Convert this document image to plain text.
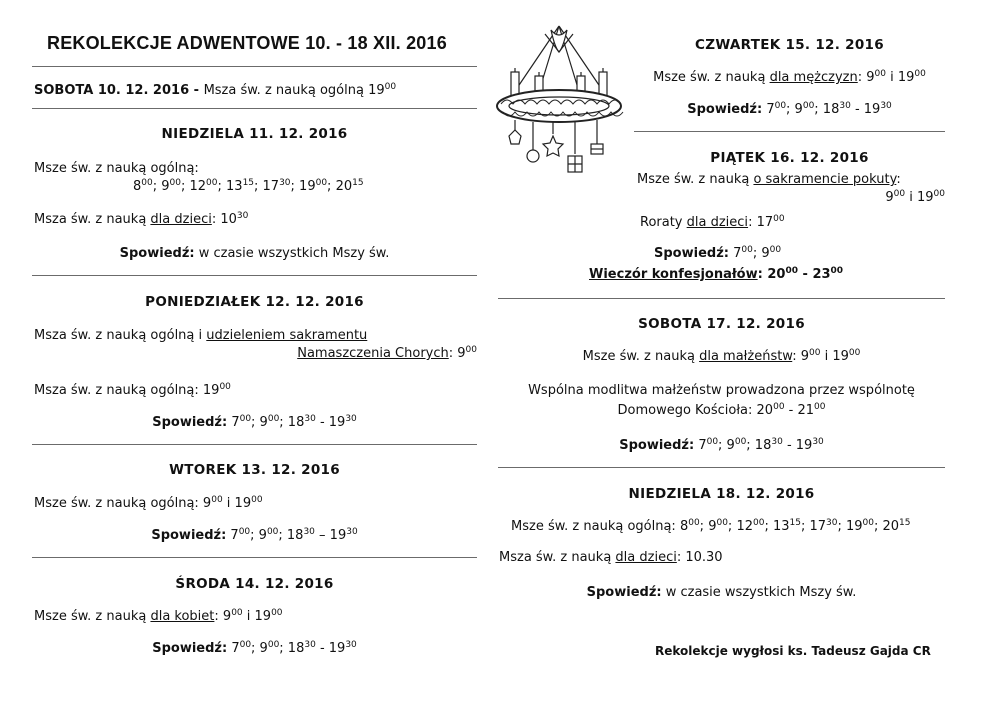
REKOLEKCJE ADWENTOWE 10. - 18 XII. 2016
SOBOTA 10. 12. 2016 - Msza św. z nauką ogólną $19^{00}$
NIEDZIELA 11. 12. 2016
Msze św. z nauką ogólną:
$8^{00}$; $9^{00}$; $12^{00}$; $13^{15}$; $17^{30}$; $19^{00}$; $20^{15}$
Msza św. z nauką dla dzieci: $10^{30}$
Spowiedź: w czasie wszystkich Mszy św.
PONIEDZIAŁEK 12. 12. 2016
Msza św. z nauką ogólną i udzieleniem sakramentu
Namaszczenia Chorych: $9^{00}$
Msza św. z nauką ogólną: $19^{00}$
Spowiedź: $7^{00}$; $9^{00}$; $18^{30} - 19^{30}$
WTOREK 13. 12. 2016
Msze św. z nauką ogólną: $9^{00}$ i $19^{00}$
Spowiedź: $7^{00}$; $9^{00}$; $18^{30} - 19^{30}$
ŚRODA 14. 12. 2016
Msze św. z nauką dla kobiet: $9^{00}$ i $19^{00}$
Spowiedź: $7^{00}$; $9^{00}$; $18^{30} - 19^{30}$
CZWARTEK 15. 12. 2016
Msze św. z nauką dla mężczyzn: $9^{00}$ i $19^{00}$
Spowiedź: $7^{00}$; $9^{00}$; $18^{30} - 19^{30}$
PIĄTEK 16. 12. 2016
Msze św. z nauką o sakramencie pokuty:
$9^{00}$ i $19^{00}$
Roraty dla dzieci: $17^{00}$
Spowiedź: $7^{00}$; $9^{00}$
Wieczór konfesjonałów: $20^{00} - 23^{00}$
SOBOTA 17. 12. 2016
Msze św. z nauką dla małżeństw: $9^{00}$ i $19^{00}$
Wspólna modlitwa małżeństw prowadzona przez wspólnotę
Domowego Kościoła: $20^{00} - 21^{00}$
Spowiedź: $7^{00}$; $9^{00}$; $18^{30} - 19^{30}$
NIEDZIELA 18. 12. 2016
Msze św. z nauką ogólną: $8^{00}$; $9^{00}$; $12^{00}$; $13^{15}$; $17^{30}$; $19^{00}$; $20^{15}$
Msza św. z nauką dla dzieci: 10.30
Spowiedź: w czasie wszystkich Mszy św.
Rekolekcje wygłosi ks. Tadeusz Gajda CR
